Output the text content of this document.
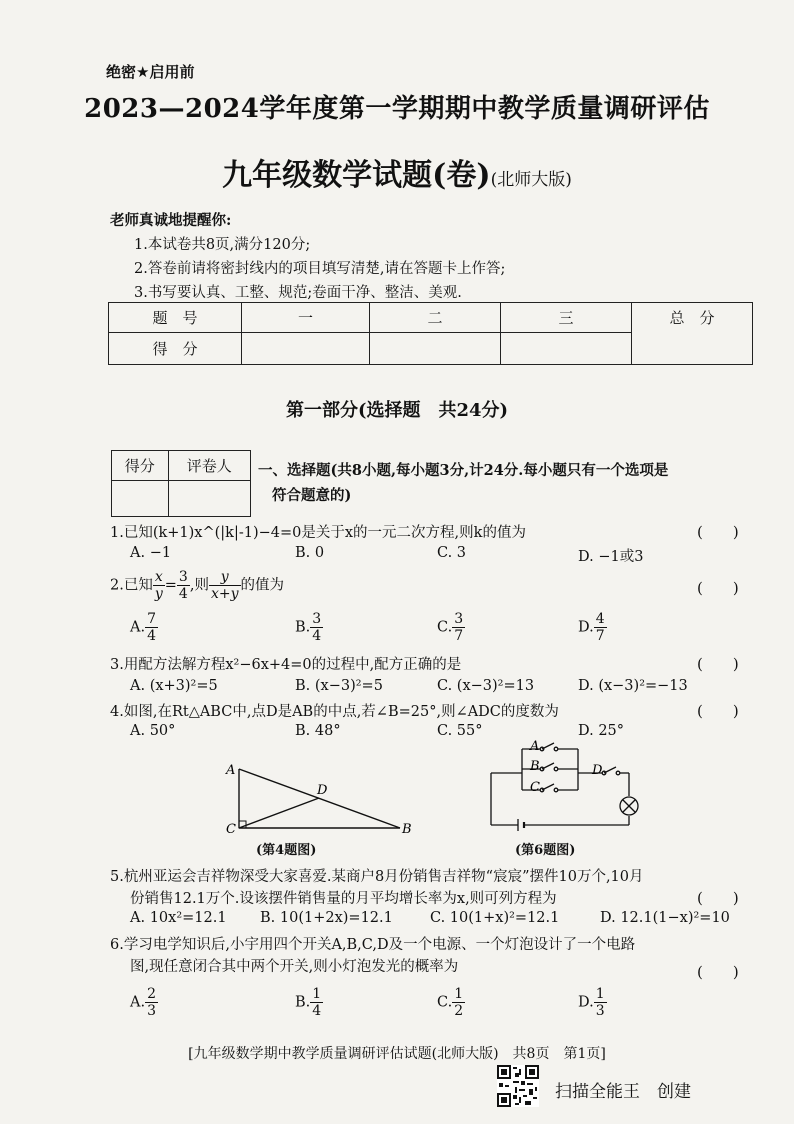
绝密★启用前
2023—2024学年度第一学期期中教学质量调研评估
九年级数学试题(卷)(北师大版)
老师真诚地提醒你:
1.本试卷共8页,满分120分;
2.答卷前请将密封线内的项目填写清楚,请在答题卡上作答;
3.书写要认真、工整、规范;卷面干净、整洁、美观.
题　号	一	二	三	总　分
得　分				
第一部分(选择题　共24分)
得分	评卷人
	一、选择题(共8小题,每小题3分,计24分.每小题只有一个选项是
符合题意的)
1.已知(k+1)x^(|k|-1)−4=0是关于x的一元二次方程,则k的值为	(　　)
A. −1	B. 0	C. 3	D. −1或3
2.已知 $\frac{x}{y} = \frac{3}{4}$ ,则 $\frac{y}{x+y}$ 的值为	(　　)
A. $\frac{7}{4}$	B. $\frac{3}{4}$	C. $\frac{3}{7}$	D. $\frac{4}{7}$
3.用配方法解方程x²−6x+4=0的过程中,配方正确的是	(　　)
A. (x+3)²=5	B. (x−3)²=5	C. (x−3)²=13	D. (x−3)²=−13
4.如图,在Rt△ABC中,点D是AB的中点,若∠B=25°,则∠ADC的度数为	(　　)
A. 50°	B. 48°	C. 55°	D. 25°
A
D
C	B
(第4题图)
A
B
C
D
(第6题图)
5.杭州亚运会吉祥物深受大家喜爱.某商户8月份销售吉祥物“宸宸”摆件10万个,10月
份销售12.1万个.设该摆件销售量的月平均增长率为x,则可列方程为	(　　)
A. 10x²=12.1 B. 10(1+2x)=12.1	C. 10(1+x)²=12.1	D. 12.1(1−x)²=10
6.学习电学知识后,小宇用四个开关A,B,C,D及一个电源、一个灯泡设计了一个电路
图,现任意闭合其中两个开关,则小灯泡发光的概率为	(　　)
A. $\frac{2}{3}$	B. $\frac{1}{4}$	C. $\frac{1}{2}$	D. $\frac{1}{3}$
[九年级数学期中教学质量调研评估试题(北师大版)　共8页　第1页]
扫描全能王　创建
